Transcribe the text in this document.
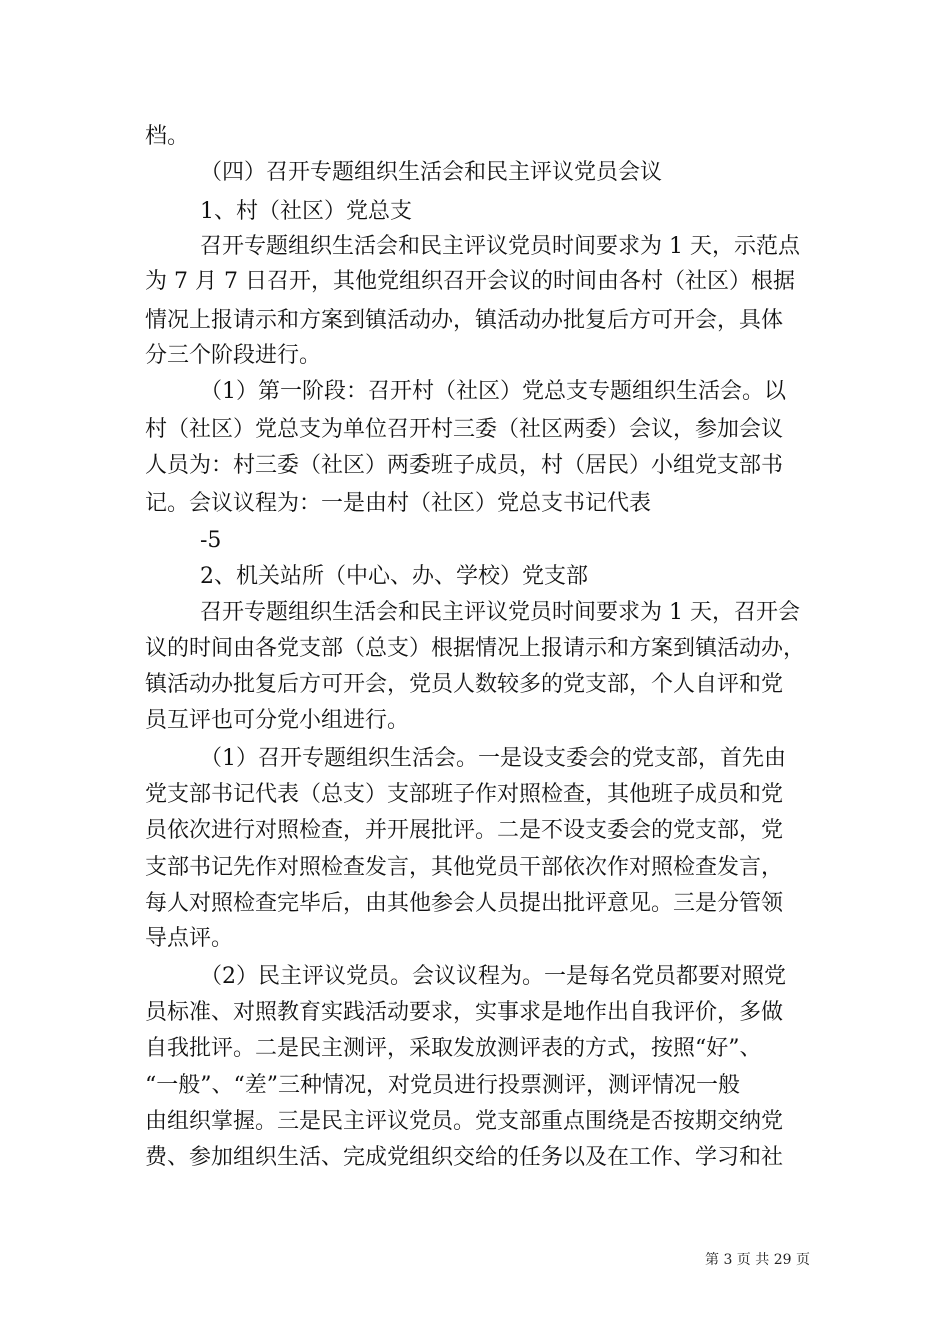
档。
（四）召开专题组织生活会和民主评议党员会议
1、村（社区）党总支
召开专题组织生活会和民主评议党员时间要求为 1 天，示范点
为 7 月 7 日召开，其他党组织召开会议的时间由各村（社区）根据
情况上报请示和方案到镇活动办，镇活动办批复后方可开会，具体
分三个阶段进行。
（1）第一阶段：召开村（社区）党总支专题组织生活会。以
村（社区）党总支为单位召开村三委（社区两委）会议，参加会议
人员为：村三委（社区）两委班子成员，村（居民）小组党支部书
记。会议议程为：一是由村（社区）党总支书记代表
-5
2、机关站所（中心、办、学校）党支部
召开专题组织生活会和民主评议党员时间要求为 1 天，召开会
议的时间由各党支部（总支）根据情况上报请示和方案到镇活动办，
镇活动办批复后方可开会，党员人数较多的党支部，个人自评和党
员互评也可分党小组进行。
（1）召开专题组织生活会。一是设支委会的党支部，首先由
党支部书记代表（总支）支部班子作对照检查，其他班子成员和党
员依次进行对照检查，并开展批评。二是不设支委会的党支部，党
支部书记先作对照检查发言，其他党员干部依次作对照检查发言，
每人对照检查完毕后，由其他参会人员提出批评意见。三是分管领
导点评。
（2）民主评议党员。会议议程为。一是每名党员都要对照党
员标准、对照教育实践活动要求，实事求是地作出自我评价，多做
自我批评。二是民主测评，采取发放测评表的方式，按照“好”、
“一般”、“差”三种情况，对党员进行投票测评，测评情况一般
由组织掌握。三是民主评议党员。党支部重点围绕是否按期交纳党
费、参加组织生活、完成党组织交给的任务以及在工作、学习和社
第 3 页 共 29 页
